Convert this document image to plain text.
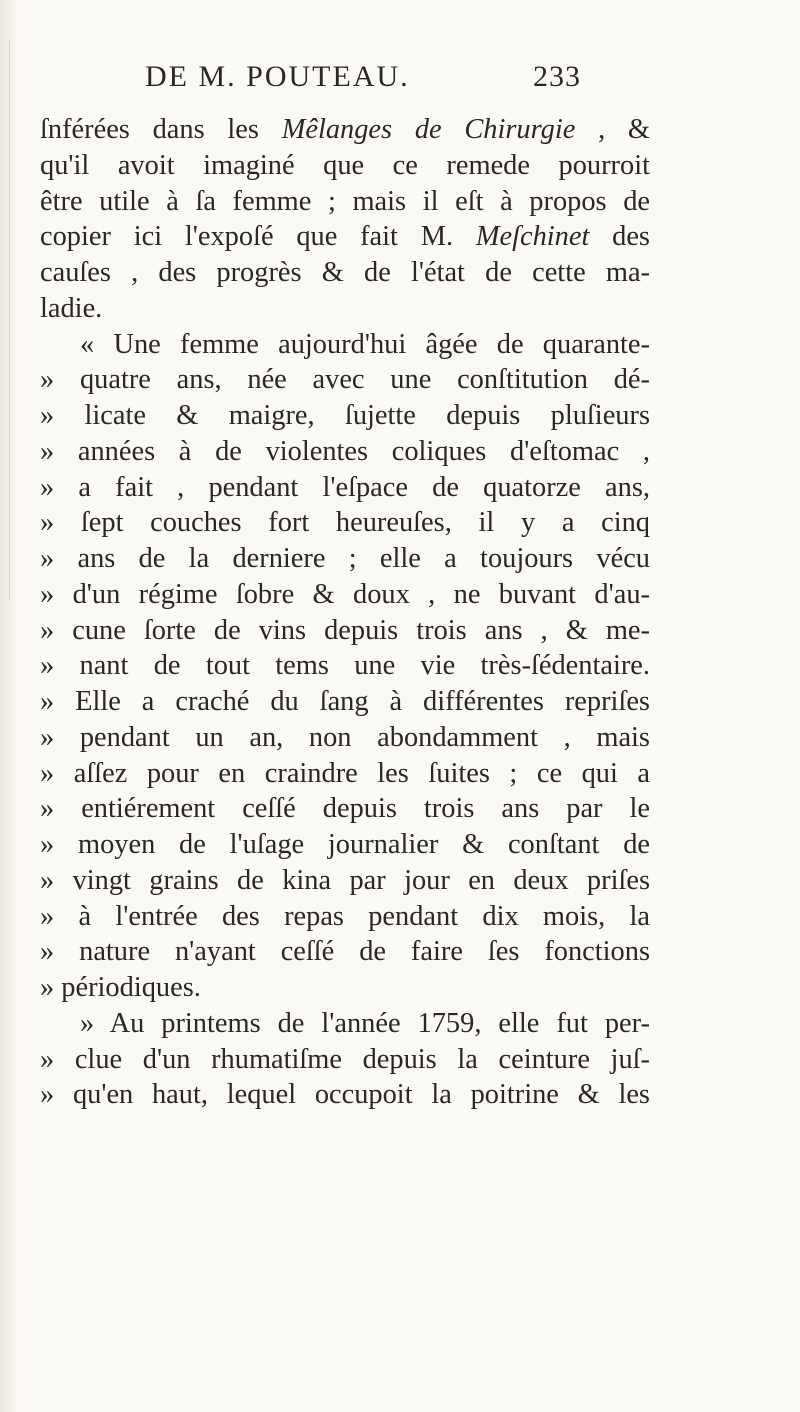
DE M. POUTEAU.	233
ſnférées dans les Mêlanges de Chirurgie , &
qu'il avoit imaginé que ce remede pourroit
être utile à ſa femme ; mais il eſt à propos de
copier ici l'expoſé que fait M. Meſchinet des
cauſes , des progrès & de l'état de cette ma-
ladie.
« Une femme aujourd'hui âgée de quarante-
» quatre ans, née avec une conſtitution dé-
» licate & maigre, ſujette depuis pluſieurs
» années à de violentes coliques d'eſtomac ,
» a fait , pendant l'eſpace de quatorze ans,
» ſept couches fort heureuſes, il y a cinq
» ans de la derniere ; elle a toujours vécu
» d'un régime ſobre & doux , ne buvant d'au-
» cune ſorte de vins depuis trois ans , & me-
» nant de tout tems une vie très-ſédentaire.
» Elle a craché du ſang à différentes repriſes
» pendant un an, non abondamment , mais
» aſſez pour en craindre les ſuites ; ce qui a
» entiérement ceſſé depuis trois ans par le
» moyen de l'uſage journalier & conſtant de
» vingt grains de kina par jour en deux priſes
» à l'entrée des repas pendant dix mois, la
» nature n'ayant ceſſé de faire ſes fonctions
» périodiques.
» Au printems de l'année 1759, elle fut per-
» clue d'un rhumatiſme depuis la ceinture juſ-
» qu'en haut, lequel occupoit la poitrine & les
